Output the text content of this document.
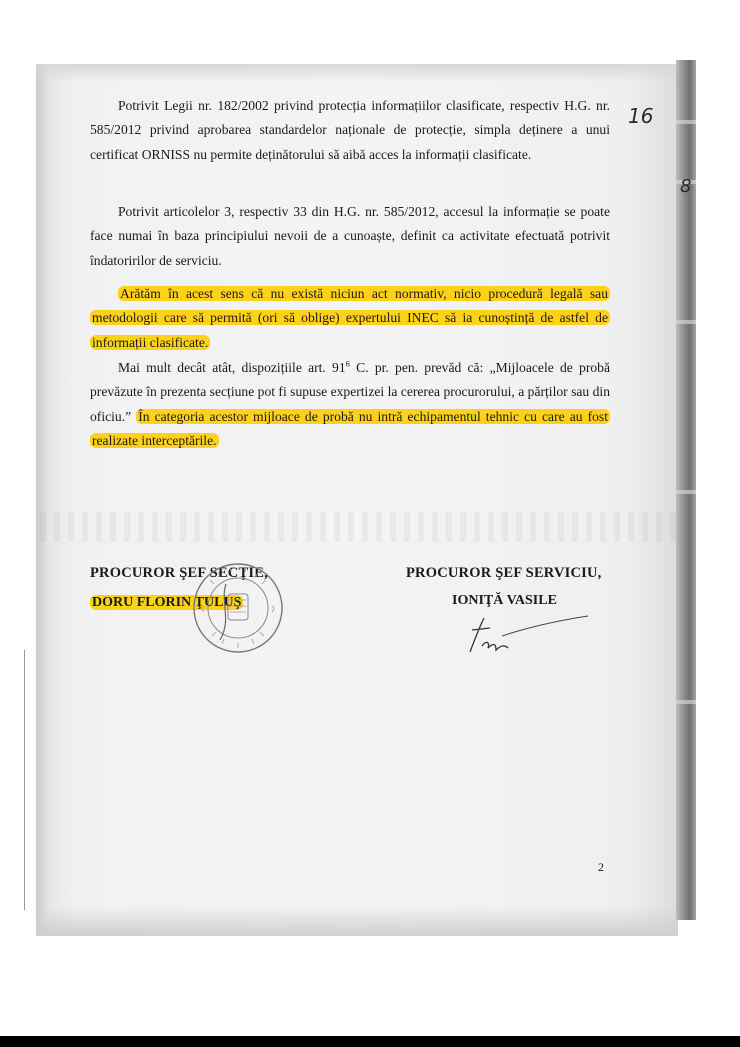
Potrivit Legii nr. 182/2002 privind protecția informațiilor clasificate, respectiv H.G. nr. 585/2012 privind aprobarea standardelor naționale de protecție, simpla deținere a unui certificat ORNISS nu permite deținătorului să aibă acces la informații clasificate.

Potrivit articolelor 3, respectiv 33 din H.G. nr. 585/2012, accesul la informație se poate face numai în baza principiului nevoii de a cunoaște, definit ca activitate efectuată potrivit îndatoririlor de serviciu.

Arătăm în acest sens că nu există niciun act normativ, nicio procedură legală sau metodologii care să permită (ori să oblige) expertului INEC să ia cunoștință de astfel de informații clasificate.

Mai mult decât atât, dispozițiile art. $91^6$ C. pr. pen. prevăd că: „Mijloacele de probă prevăzute în prezenta secțiune pot fi supuse expertizei la cererea procurorului, a părților sau din oficiu.” În categoria acestor mijloace de probă nu intră echipamentul tehnic cu care au fost realizate interceptările.

PROCUROR ŞEF SECŢIE,

DORU FLORIN ŢULUŞ

PROCUROR ŞEF SERVICIU,

IONIŢĂ VASILE

16

8

2
